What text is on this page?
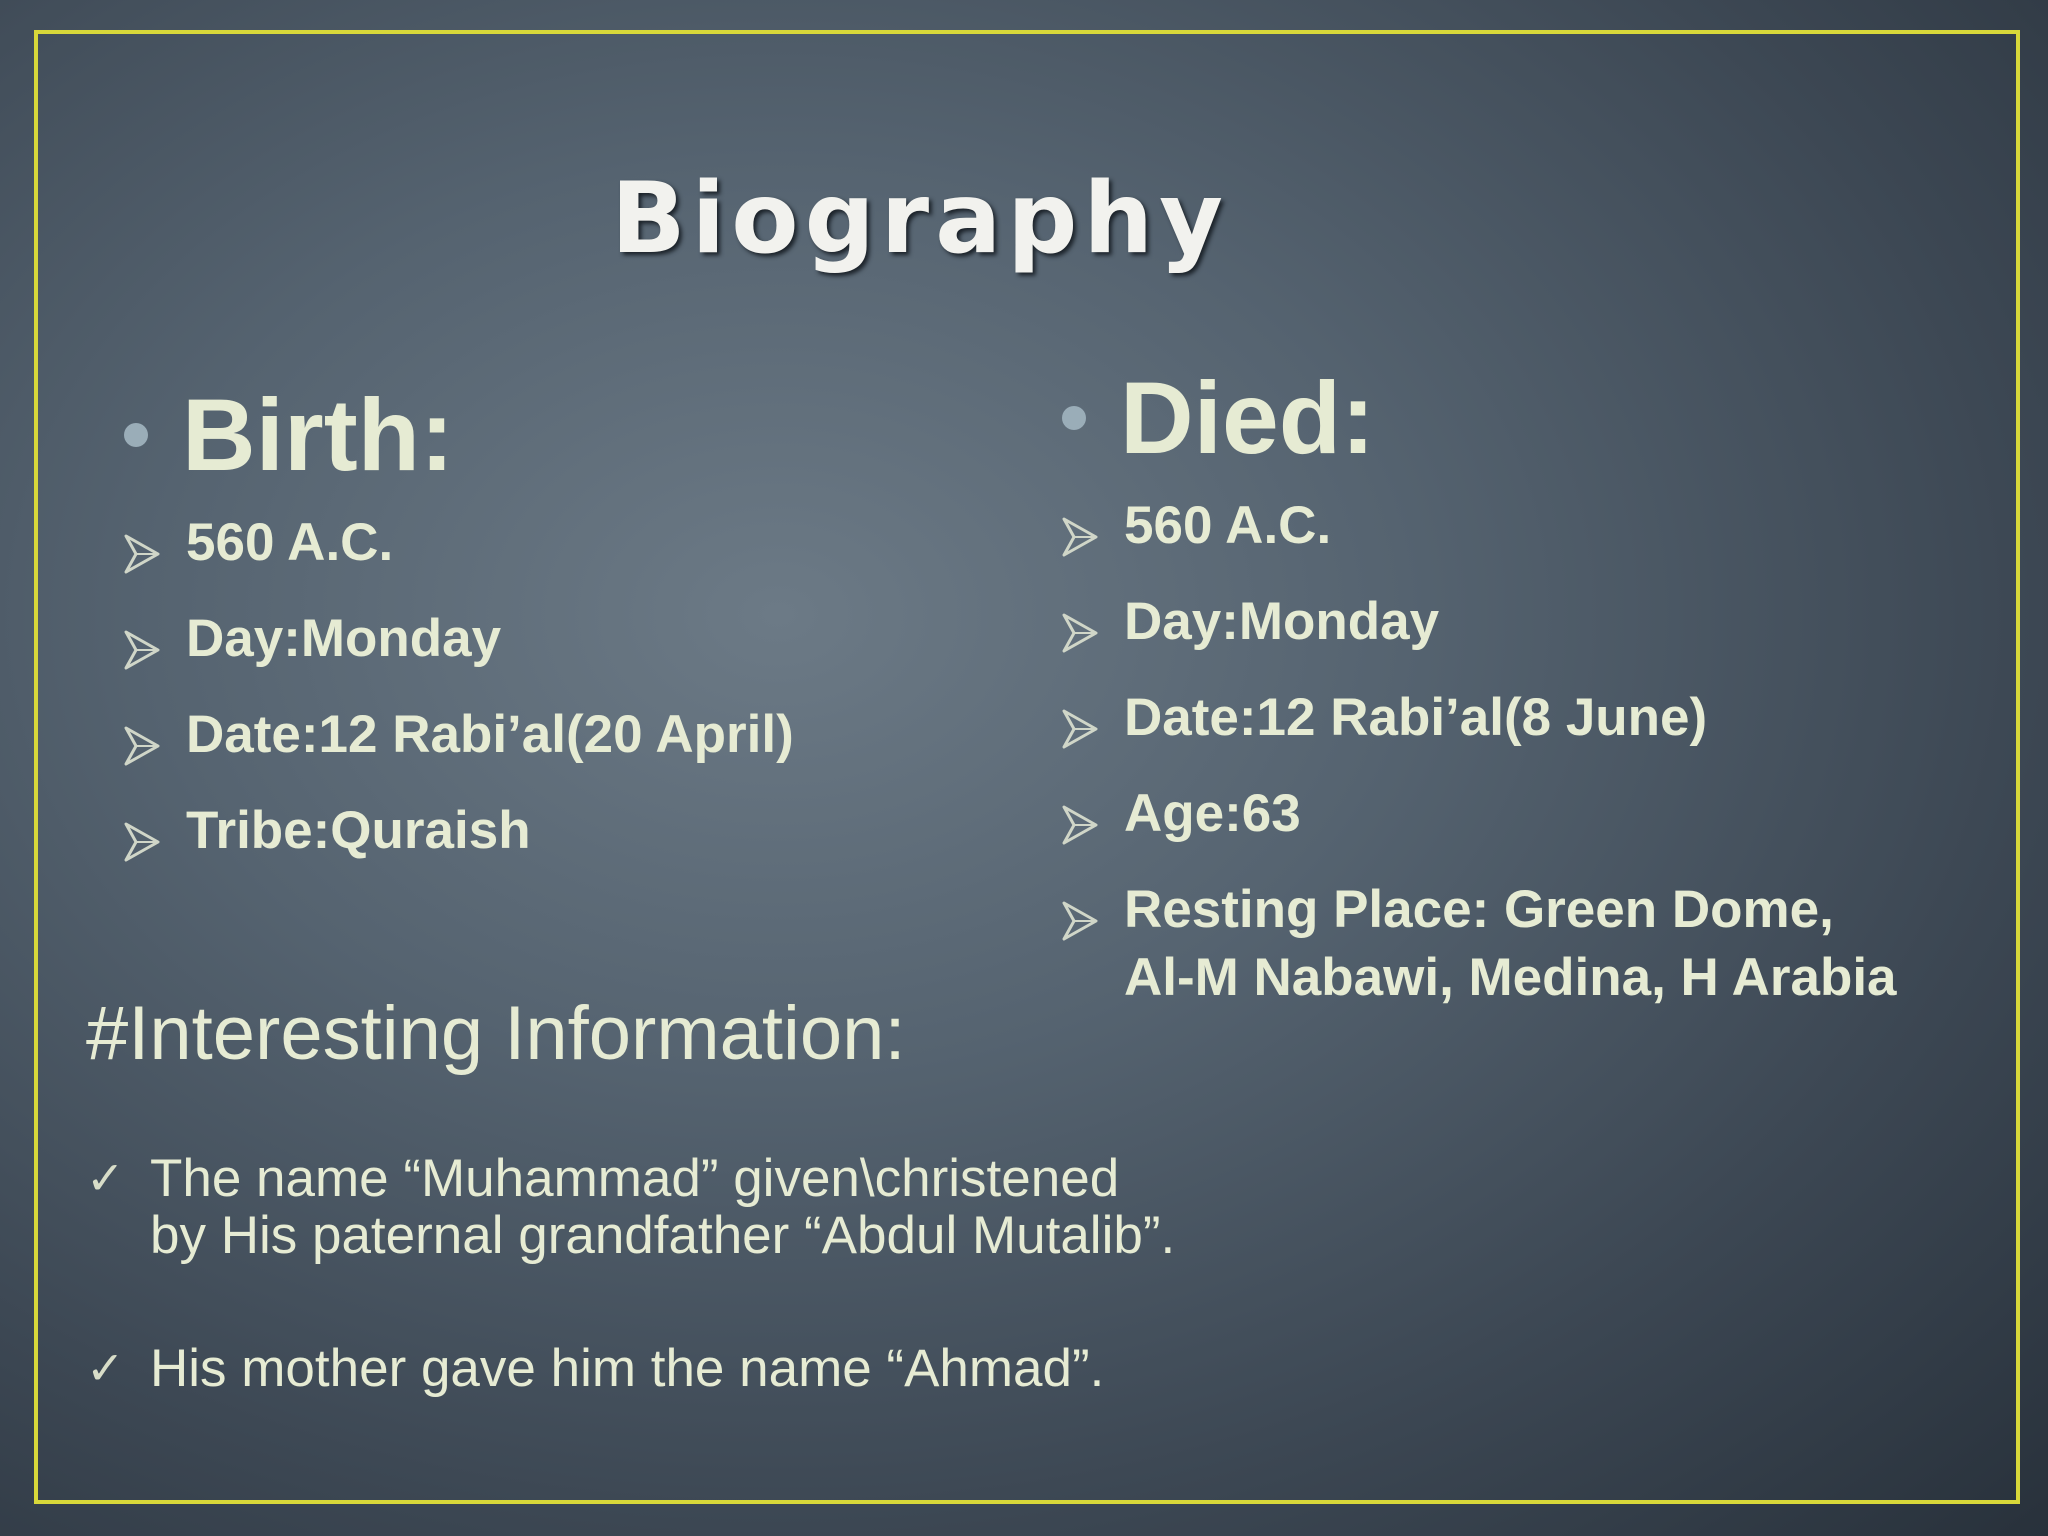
Biography
Birth:
560 A.C.
Day:Monday
Date:12 Rabi’al(20 April)
Tribe:Quraish
Died:
560 A.C.
Day:Monday
Date:12 Rabi’al(8 June)
Age:63
Resting Place: Green Dome,
Al-M Nabawi, Medina, H Arabia
#Interesting Information:
✓ The name “Muhammad” given\christened
by His paternal grandfather “Abdul Mutalib”.
✓ His mother gave him the name “Ahmad”.
